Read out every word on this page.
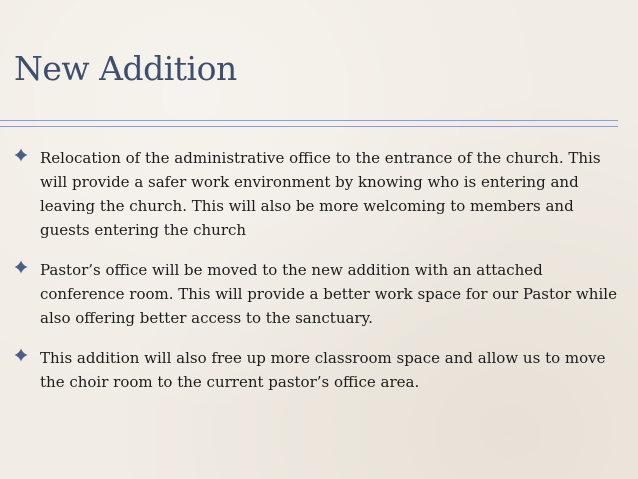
New Addition
Relocation of the administrative office to the entrance of the church. This will provide a safer work environment by knowing who is entering and leaving the church. This will also be more welcoming to members and guests entering the church
Pastor’s office will be moved to the new addition with an attached conference room. This will provide a better work space for our Pastor while also offering better access to the sanctuary.
This addition will also free up more classroom space and allow us to move the choir room to the current pastor’s office area.
